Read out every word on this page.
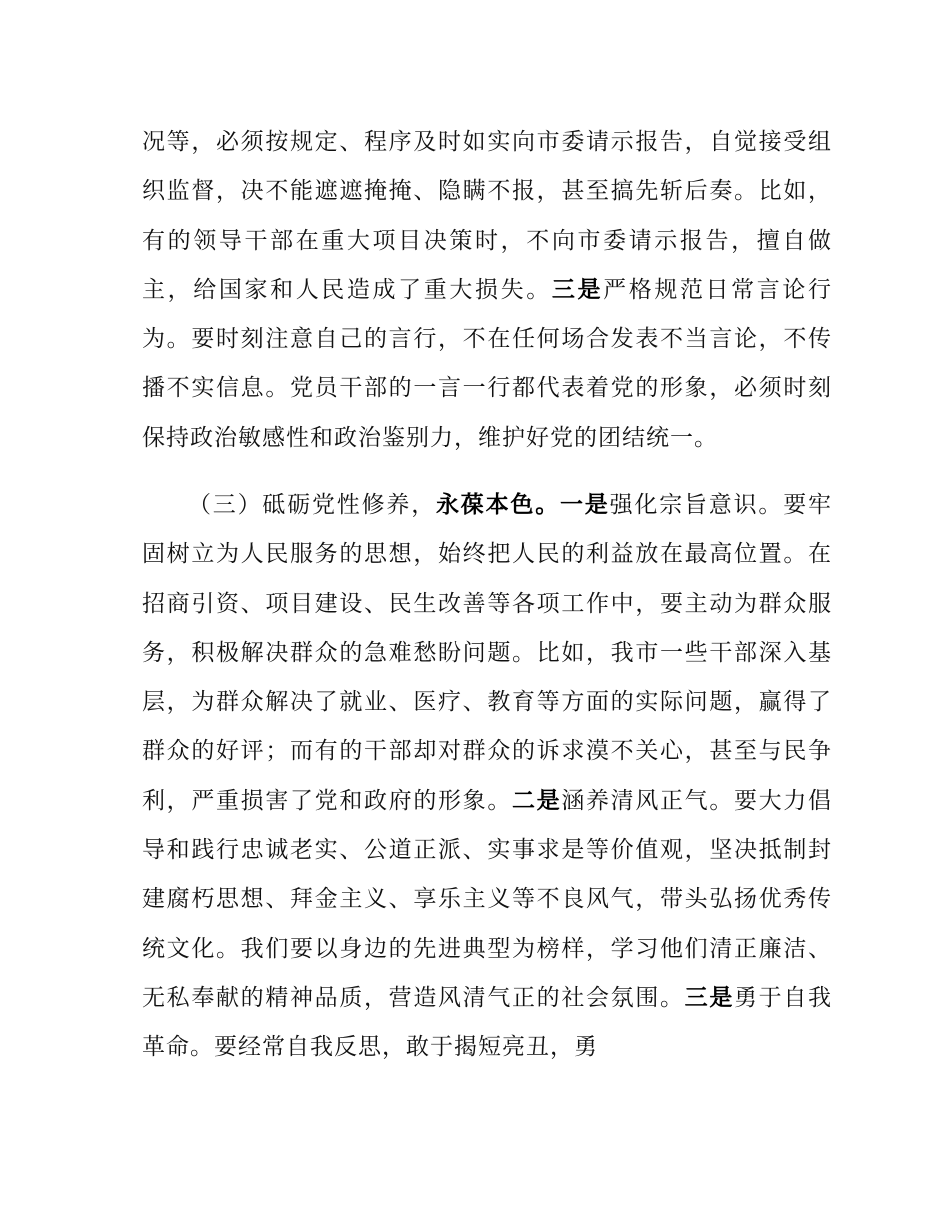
况等，必须按规定、程序及时如实向市委请示报告，自觉接受组织监督，决不能遮遮掩掩、隐瞒不报，甚至搞先斩后奏。比如，有的领导干部在重大项目决策时，不向市委请示报告，擅自做主，给国家和人民造成了重大损失。三是严格规范日常言论行为。要时刻注意自己的言行，不在任何场合发表不当言论，不传播不实信息。党员干部的一言一行都代表着党的形象，必须时刻保持政治敏感性和政治鉴别力，维护好党的团结统一。

（三）砥砺党性修养，永葆本色。一是强化宗旨意识。要牢固树立为人民服务的思想，始终把人民的利益放在最高位置。在招商引资、项目建设、民生改善等各项工作中，要主动为群众服务，积极解决群众的急难愁盼问题。比如，我市一些干部深入基层，为群众解决了就业、医疗、教育等方面的实际问题，赢得了群众的好评；而有的干部却对群众的诉求漠不关心，甚至与民争利，严重损害了党和政府的形象。二是涵养清风正气。要大力倡导和践行忠诚老实、公道正派、实事求是等价值观，坚决抵制封建腐朽思想、拜金主义、享乐主义等不良风气，带头弘扬优秀传统文化。我们要以身边的先进典型为榜样，学习他们清正廉洁、无私奉献的精神品质，营造风清气正的社会氛围。三是勇于自我革命。要经常自我反思，敢于揭短亮丑，勇
